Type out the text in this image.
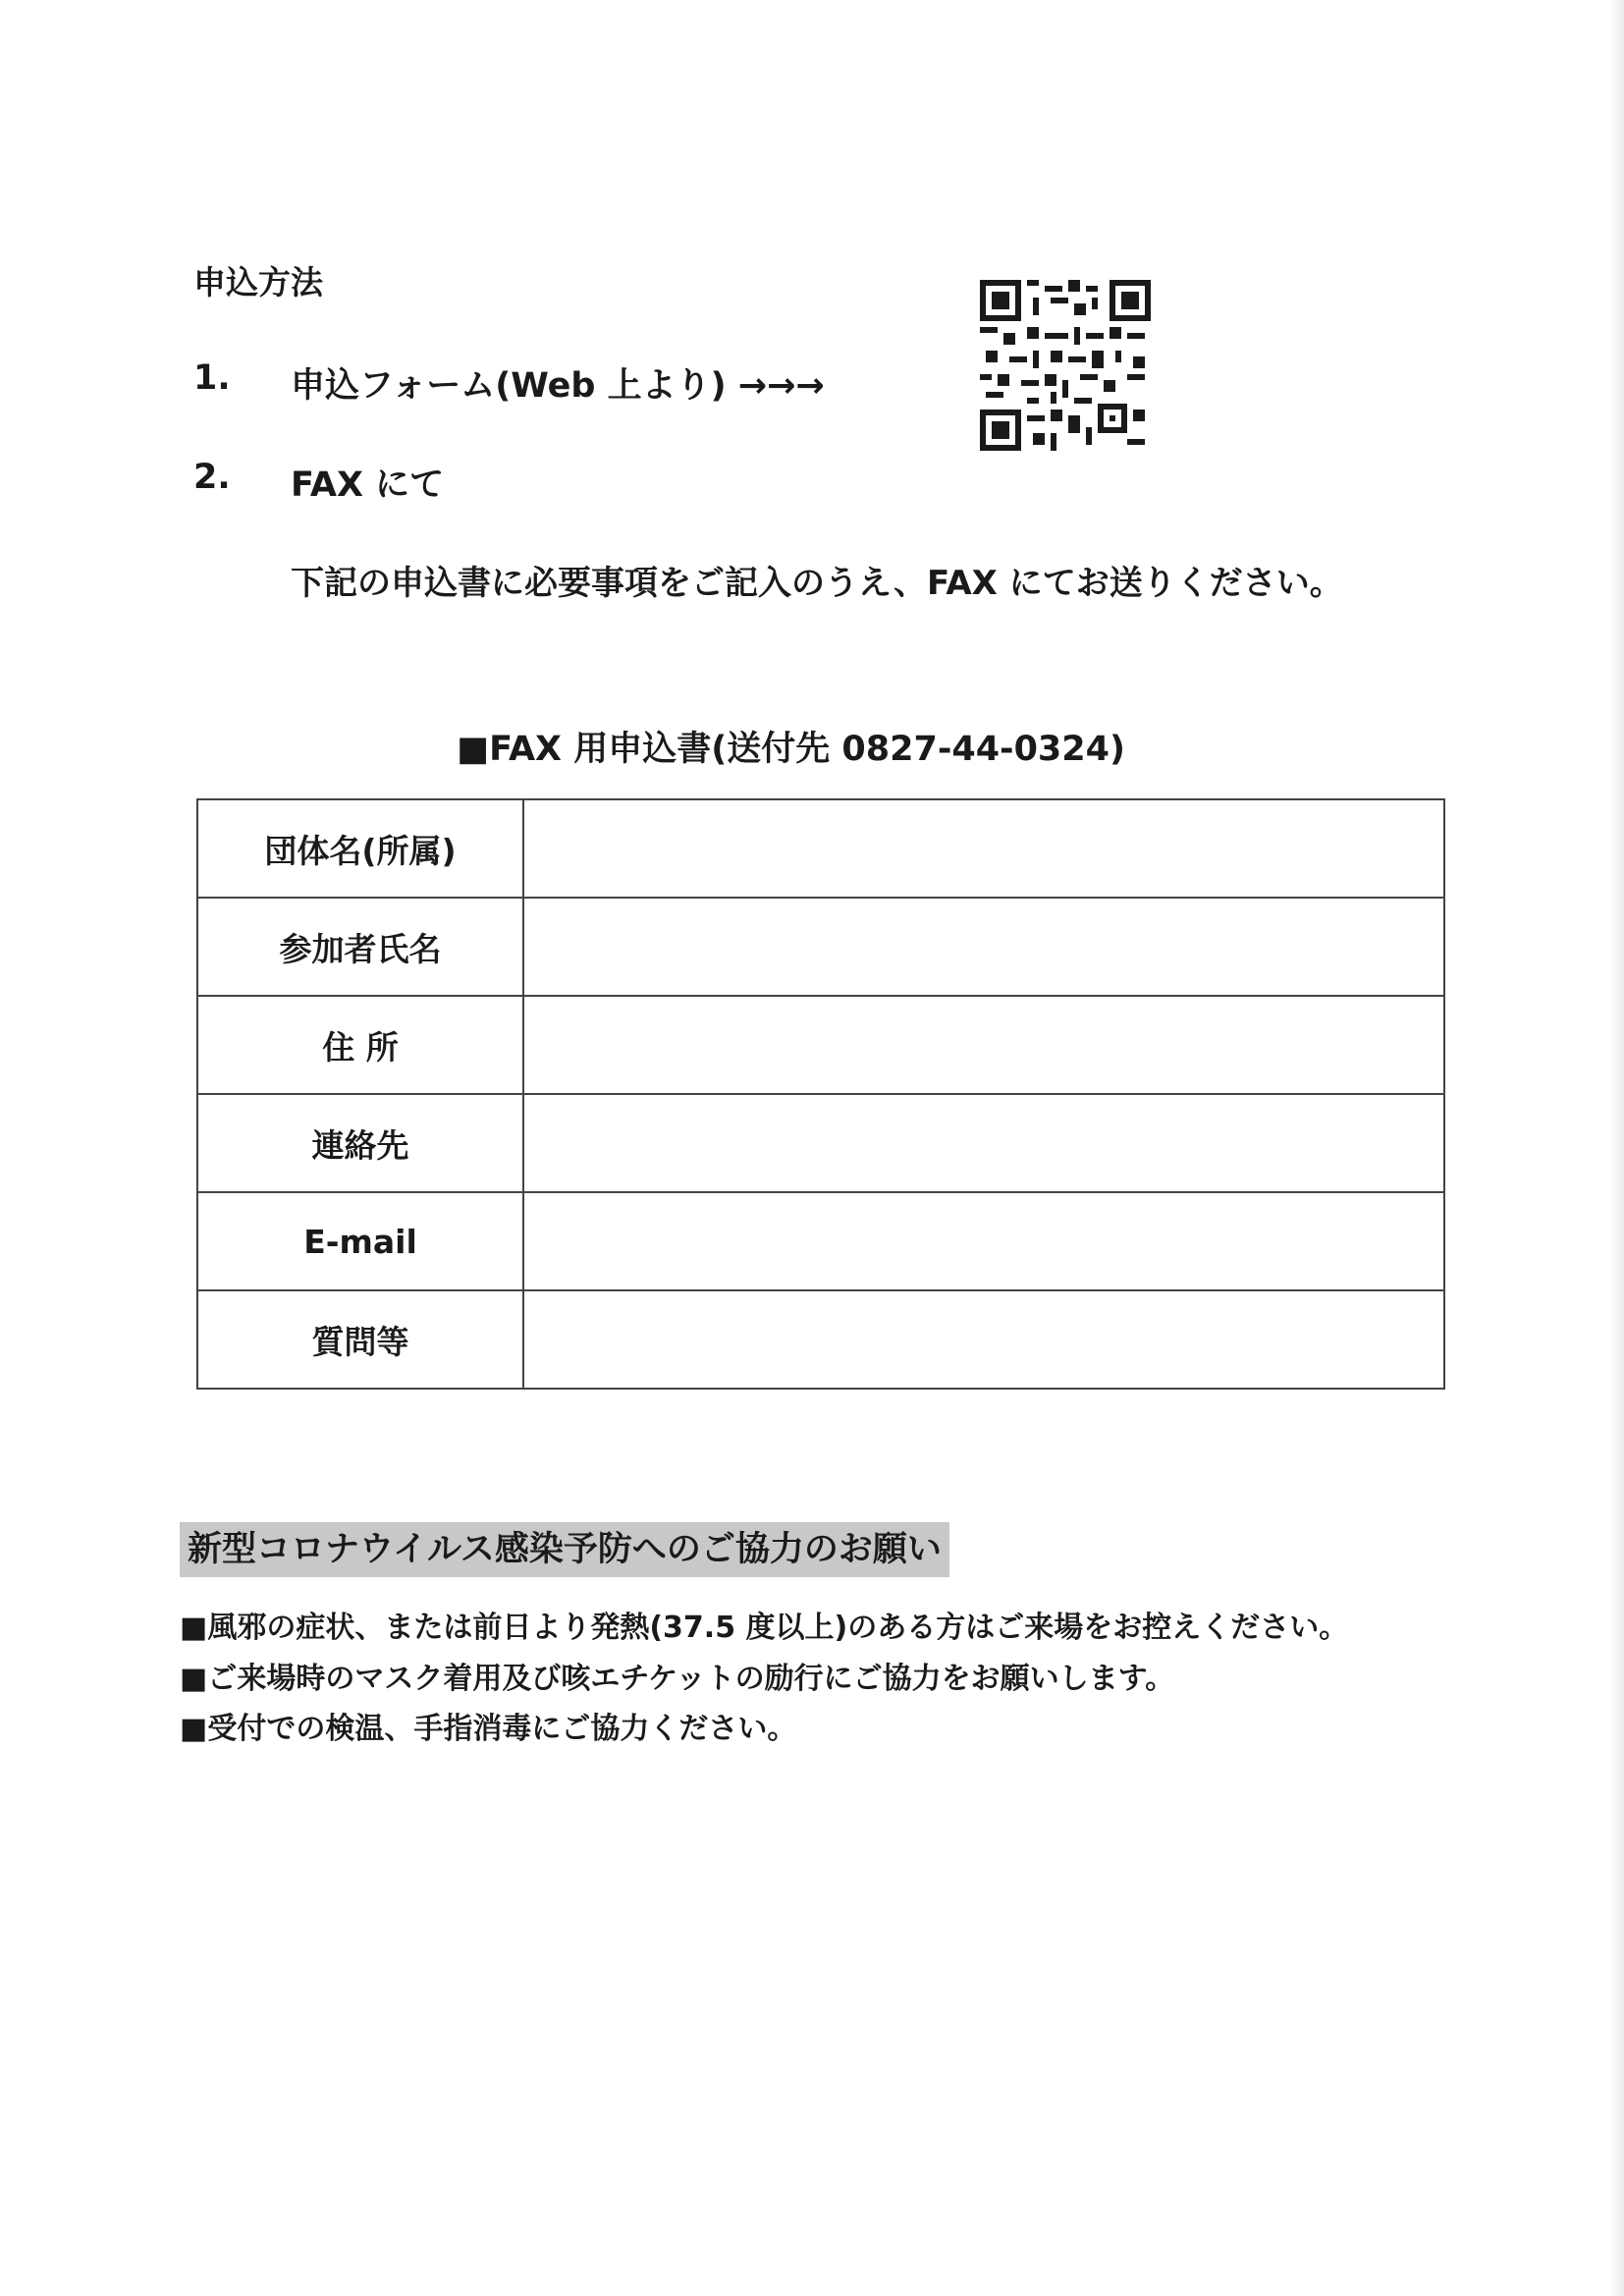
申込方法
1. 申込フォーム(Web 上より) →→→
2. FAX にて
下記の申込書に必要事項をご記入のうえ、FAX にてお送りください。
■FAX 用申込書(送付先 0827-44-0324)
団体名(所属)	
参加者氏名	
住 所	
連絡先	
E-mail	
質問等	
新型コロナウイルス感染予防へのご協力のお願い
■風邪の症状、または前日より発熱(37.5 度以上)のある方はご来場をお控えください。
■ご来場時のマスク着用及び咳エチケットの励行にご協力をお願いします。
■受付での検温、手指消毒にご協力ください。
